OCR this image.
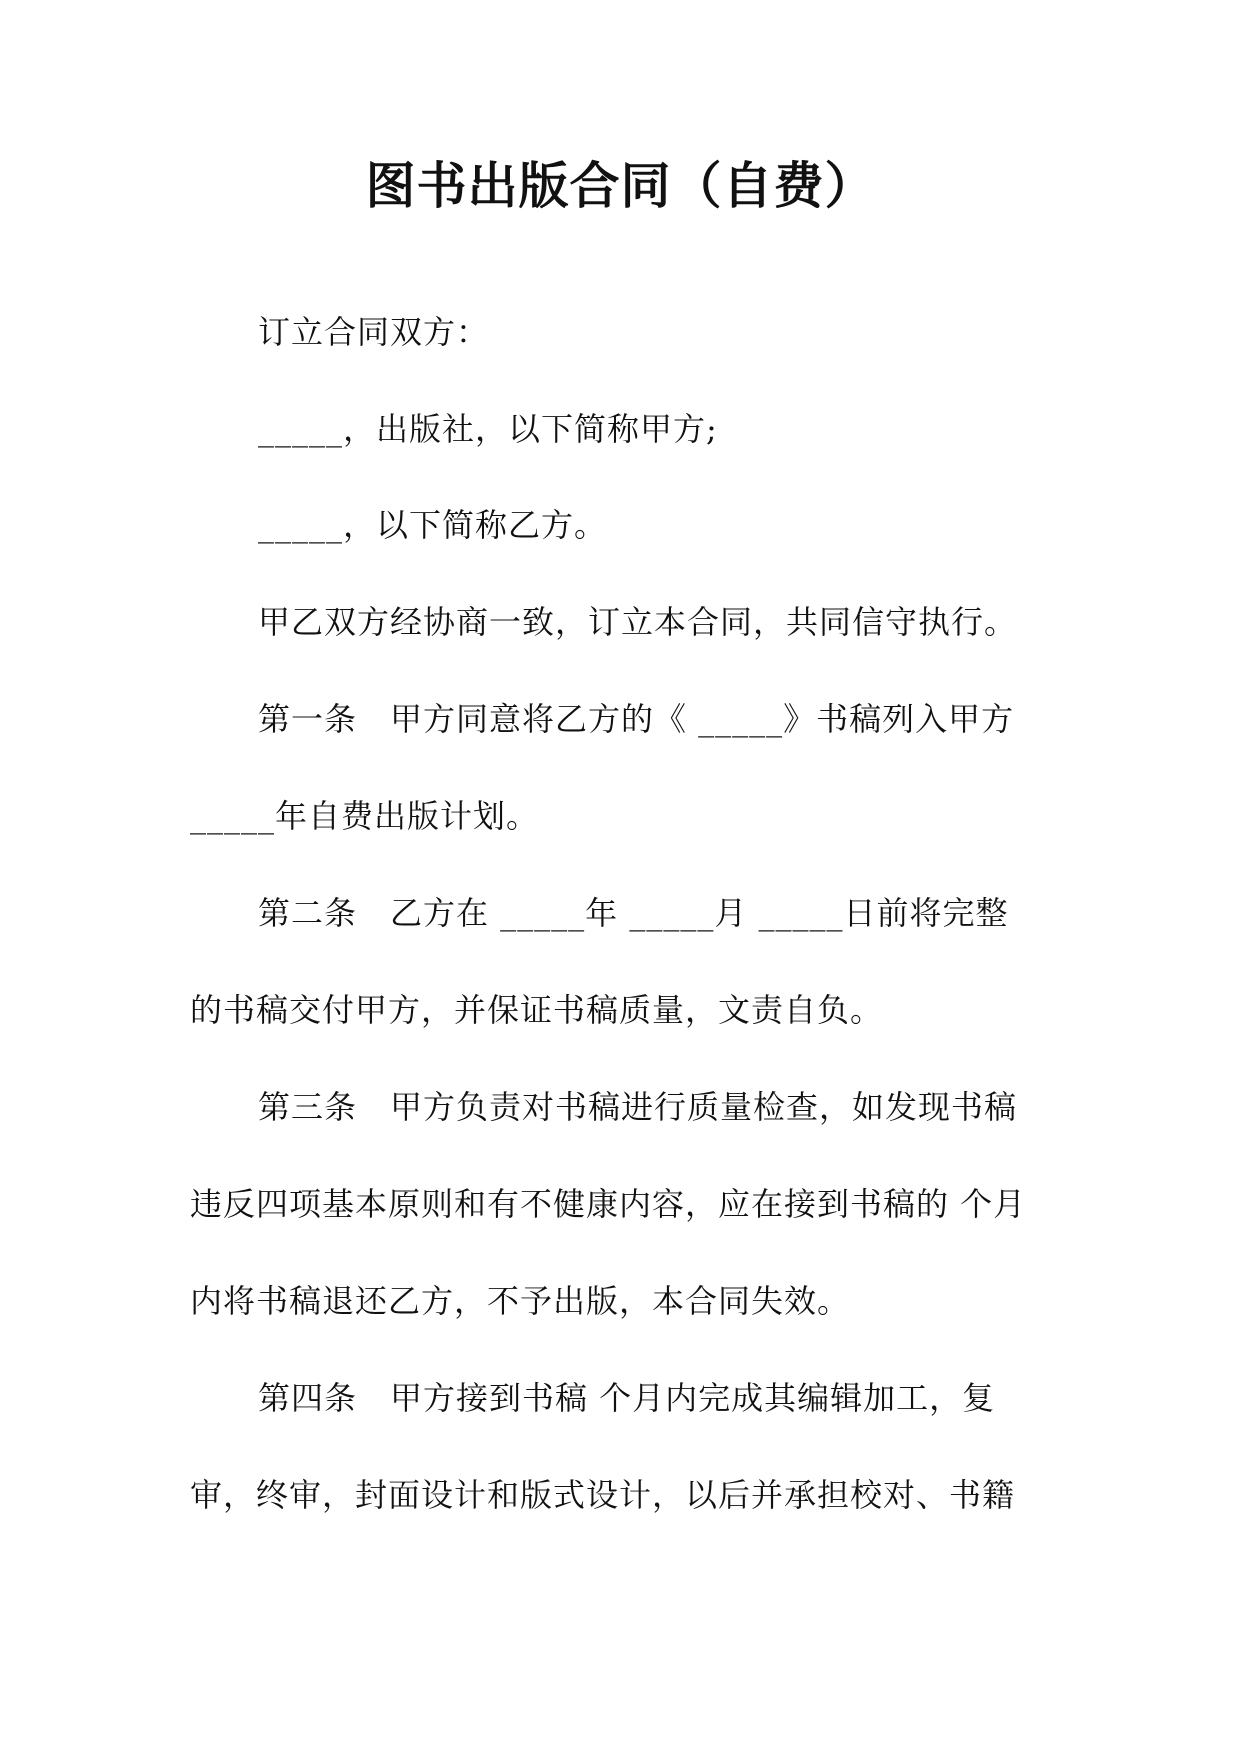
图书出版合同（自费）
订立合同双方：
_____，出版社，以下简称甲方;
_____，以下简称乙方。
甲乙双方经协商一致，订立本合同，共同信守执行。
第一条　甲方同意将乙方的《 _____》书稿列入甲方
_____年自费出版计划。
第二条　乙方在 _____年 _____月 _____日前将完整
的书稿交付甲方，并保证书稿质量，文责自负。
第三条　甲方负责对书稿进行质量检查，如发现书稿
违反四项基本原则和有不健康内容，应在接到书稿的 个月
内将书稿退还乙方，不予出版，本合同失效。
第四条　甲方接到书稿 个月内完成其编辑加工，复
审，终审，封面设计和版式设计，以后并承担校对、书籍
